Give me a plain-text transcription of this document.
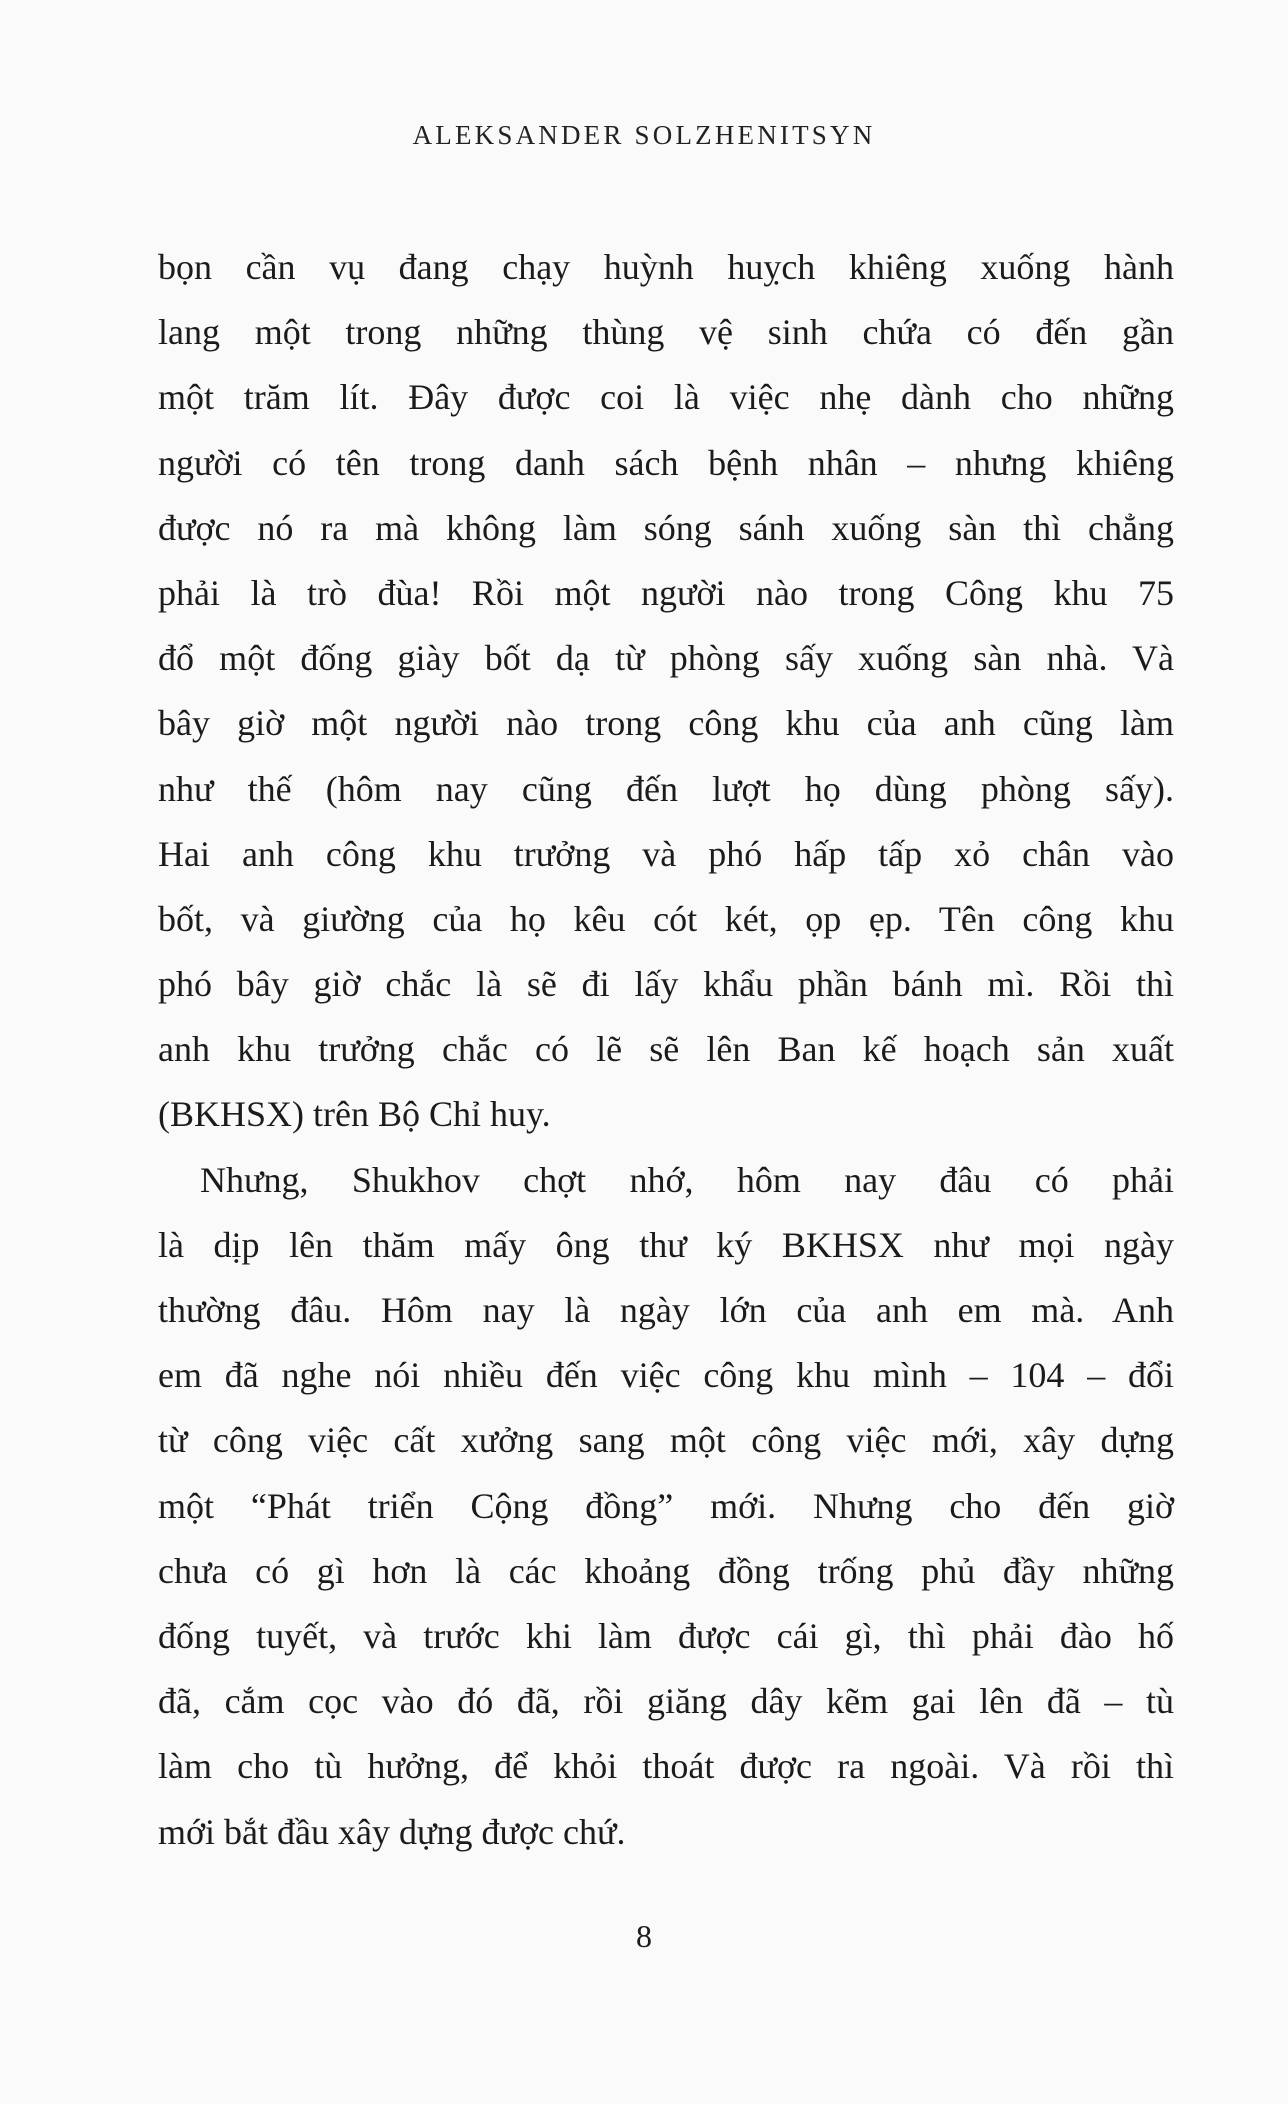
ALEKSANDER SOLZHENITSYN
bọn cần vụ đang chạy huỳnh huỵch khiêng xuống hành
lang một trong những thùng vệ sinh chứa có đến gần
một trăm lít. Đây được coi là việc nhẹ dành cho những
người có tên trong danh sách bệnh nhân – nhưng khiêng
được nó ra mà không làm sóng sánh xuống sàn thì chẳng
phải là trò đùa! Rồi một người nào trong Công khu 75
đổ một đống giày bốt dạ từ phòng sấy xuống sàn nhà. Và
bây giờ một người nào trong công khu của anh cũng làm
như thế (hôm nay cũng đến lượt họ dùng phòng sấy).
Hai anh công khu trưởng và phó hấp tấp xỏ chân vào
bốt, và giường của họ kêu cót két, ọp ẹp. Tên công khu
phó bây giờ chắc là sẽ đi lấy khẩu phần bánh mì. Rồi thì
anh khu trưởng chắc có lẽ sẽ lên Ban kế hoạch sản xuất
(BKHSX) trên Bộ Chỉ huy.
Nhưng, Shukhov chợt nhớ, hôm nay đâu có phải
là dịp lên thăm mấy ông thư ký BKHSX như mọi ngày
thường đâu. Hôm nay là ngày lớn của anh em mà. Anh
em đã nghe nói nhiều đến việc công khu mình – 104 – đổi
từ công việc cất xưởng sang một công việc mới, xây dựng
một “Phát triển Cộng đồng” mới. Nhưng cho đến giờ
chưa có gì hơn là các khoảng đồng trống phủ đầy những
đống tuyết, và trước khi làm được cái gì, thì phải đào hố
đã, cắm cọc vào đó đã, rồi giăng dây kẽm gai lên đã – tù
làm cho tù hưởng, để khỏi thoát được ra ngoài. Và rồi thì
mới bắt đầu xây dựng được chứ.
8
